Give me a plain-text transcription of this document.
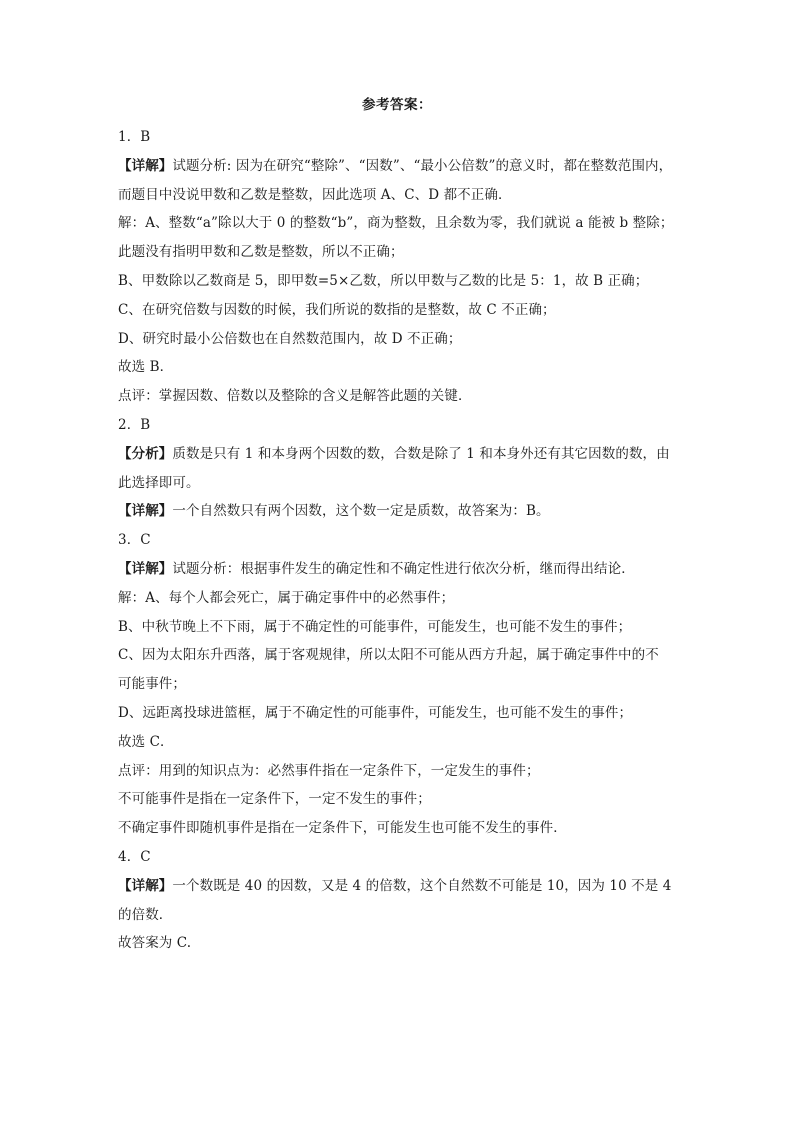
参考答案：
1．B
【详解】试题分析: 因为在研究“整除”、“因数”、“最小公倍数”的意义时，都在整数范围内，
而题目中没说甲数和乙数是整数，因此选项 A、C、D 都不正确．
解：A、整数“a”除以大于 0 的整数“b”，商为整数，且余数为零，我们就说 a 能被 b 整除；
此题没有指明甲数和乙数是整数，所以不正确；
B、甲数除以乙数商是 5，即甲数=5×乙数，所以甲数与乙数的比是 5：1，故 B 正确；
C、在研究倍数与因数的时候，我们所说的数指的是整数，故 C 不正确；
D、研究时最小公倍数也在自然数范围内，故 D 不正确；
故选 B．
点评：掌握因数、倍数以及整除的含义是解答此题的关键．
2．B
【分析】质数是只有 1 和本身两个因数的数，合数是除了 1 和本身外还有其它因数的数，由
此选择即可。
【详解】一个自然数只有两个因数，这个数一定是质数，故答案为：B。
3．C
【详解】试题分析：根据事件发生的确定性和不确定性进行依次分析，继而得出结论．
解：A、每个人都会死亡，属于确定事件中的必然事件；
B、中秋节晚上不下雨，属于不确定性的可能事件，可能发生，也可能不发生的事件；
C、因为太阳东升西落，属于客观规律，所以太阳不可能从西方升起，属于确定事件中的不
可能事件；
D、远距离投球进篮框，属于不确定性的可能事件，可能发生，也可能不发生的事件；
故选 C．
点评：用到的知识点为：必然事件指在一定条件下，一定发生的事件；
不可能事件是指在一定条件下，一定不发生的事件；
不确定事件即随机事件是指在一定条件下，可能发生也可能不发生的事件．
4．C
【详解】一个数既是 40 的因数，又是 4 的倍数，这个自然数不可能是 10，因为 10 不是 4
的倍数．
故答案为 C.
